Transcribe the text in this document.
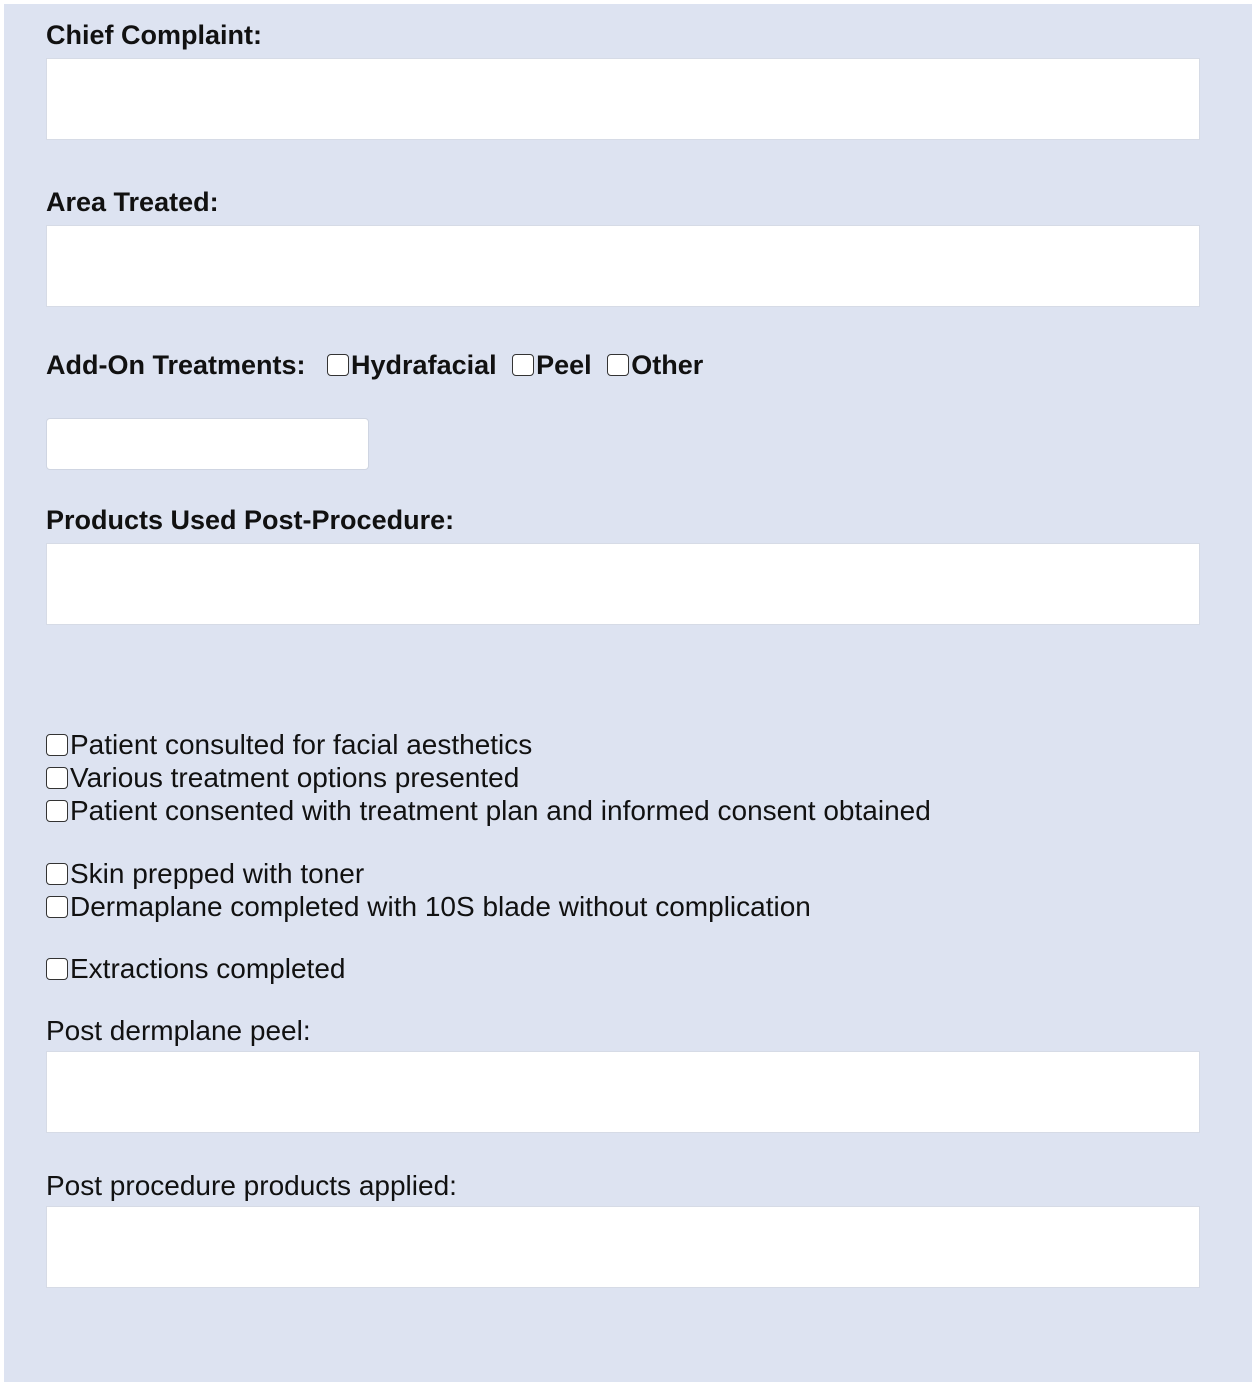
Chief Complaint:
Area Treated:
Add-On Treatments: Hydrafacial Peel Other
Products Used Post-Procedure:
Patient consulted for facial aesthetics
Various treatment options presented
Patient consented with treatment plan and informed consent obtained
Skin prepped with toner
Dermaplane completed with 10S blade without complication
Extractions completed
Post dermplane peel:
Post procedure products applied:
